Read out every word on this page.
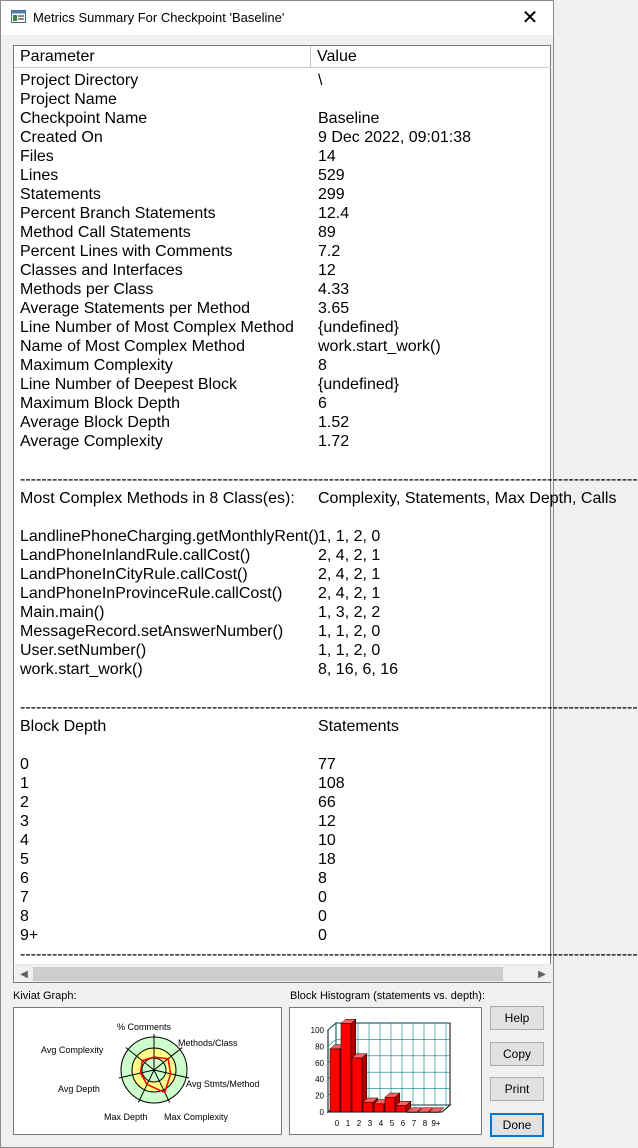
Metrics Summary For Checkpoint 'Baseline'	✕
Parameter	Value
Project Directory	\
Project Name
Checkpoint Name	Baseline
Created On	9 Dec 2022, 09:01:38
Files	14
Lines	529
Statements	299
Percent Branch Statements	12.4
Method Call Statements	89
Percent Lines with Comments	7.2
Classes and Interfaces	12
Methods per Class	4.33
Average Statements per Method	3.65
Line Number of Most Complex Method {undefined}
Name of Most Complex Method	work.start_work()
Maximum Complexity	8
Line Number of Deepest Block	{undefined}
Maximum Block Depth	6
Average Block Depth	1.52
Average Complexity	1.72
-------------------------------------------------------- ------------------------------------------------------------
Most Complex Methods in 8 Class(es): Complexity, Statements, Max Depth, Calls
LandlinePhoneCharging.getMonthlyRent() 1, 1, 2, 0
LandPhoneInlandRule.callCost()	2, 4, 2, 1
LandPhoneInCityRule.callCost()	2, 4, 2, 1
LandPhoneInProvinceRule.callCost() 2, 4, 2, 1
Main.main()	1, 3, 2, 2
MessageRecord.setAnswerNumber() 1, 1, 2, 0
User.setNumber()	1, 1, 2, 0
work.start_work()	8, 16, 6, 16
-------------------------------------------------------- ------------------------------------------------------------
Block Depth	Statements
0	77
1	108
2	66
3	12
4	10
5	18
6	8
7	0
8	0
9+	0
-------------------------------------------------------- ------------------------------------------------------------
◀	▶
Kiviat Graph:	Block Histogram (statements vs. depth):
% Comments
Methods/Class
Avg Stmts/Method
Max Complexity
Max Depth
Avg Depth
Avg Complexity
0
20
40
60
80
100
0 1 2 3 4 5 6 7 8 9+
Help
Copy
Print
Done
